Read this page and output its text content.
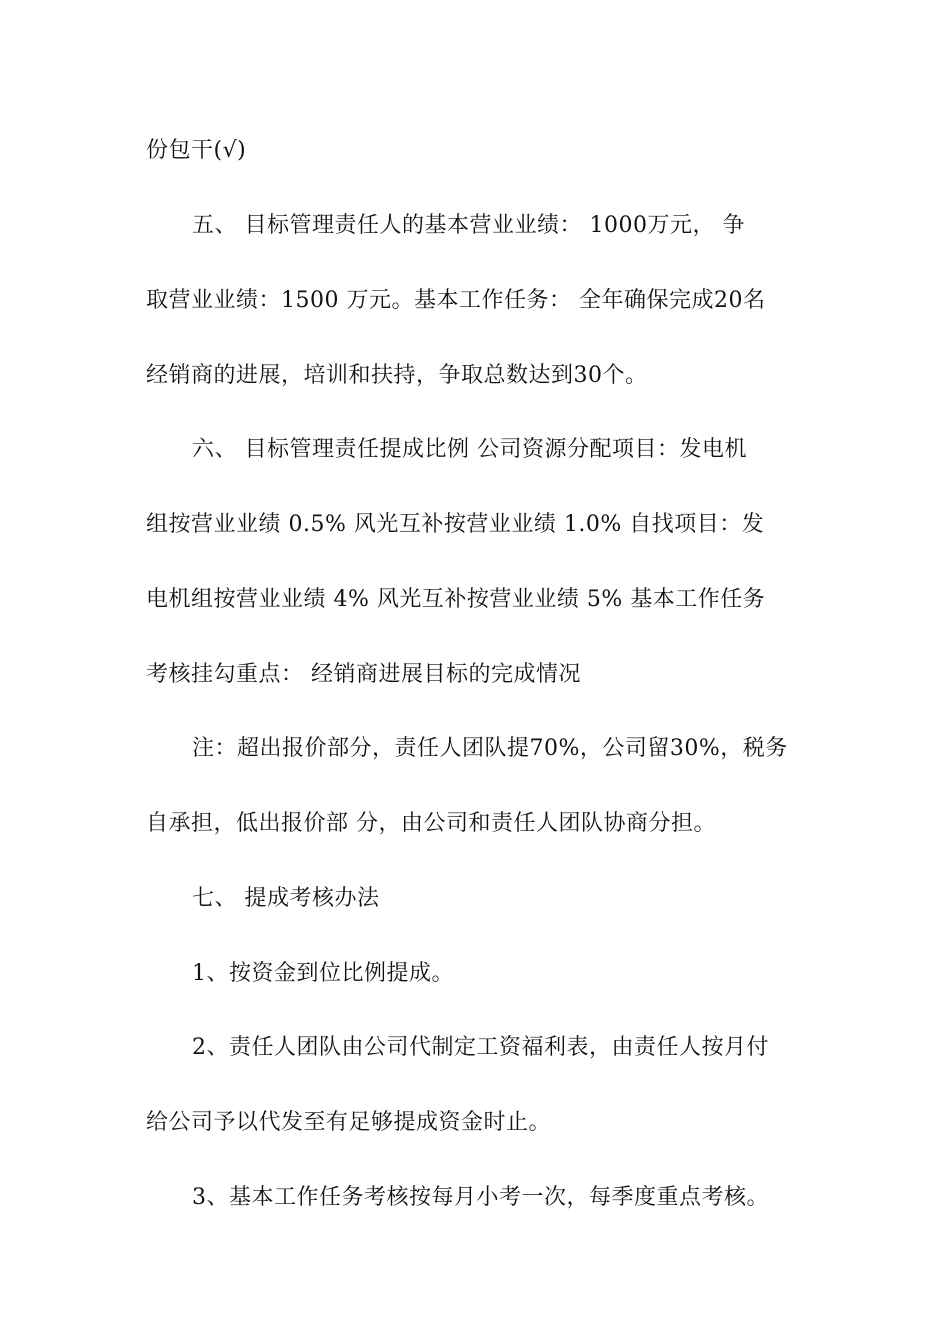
份包干(√)
五、 目标管理责任人的基本营业业绩： 1000万元， 争
取营业业绩：1500 万元。基本工作任务： 全年确保完成20名
经销商的进展，培训和扶持，争取总数达到30个。
六、 目标管理责任提成比例 公司资源分配项目：发电机
组按营业业绩 0.5% 风光互补按营业业绩 1.0% 自找项目：发
电机组按营业业绩 4% 风光互补按营业业绩 5% 基本工作任务
考核挂勾重点： 经销商进展目标的完成情况
注：超出报价部分，责任人团队提70%，公司留30%，税务
自承担，低出报价部 分，由公司和责任人团队协商分担。
七、 提成考核办法
1、按资金到位比例提成。
2、责任人团队由公司代制定工资福利表，由责任人按月付
给公司予以代发至有足够提成资金时止。
3、基本工作任务考核按每月小考一次，每季度重点考核。
